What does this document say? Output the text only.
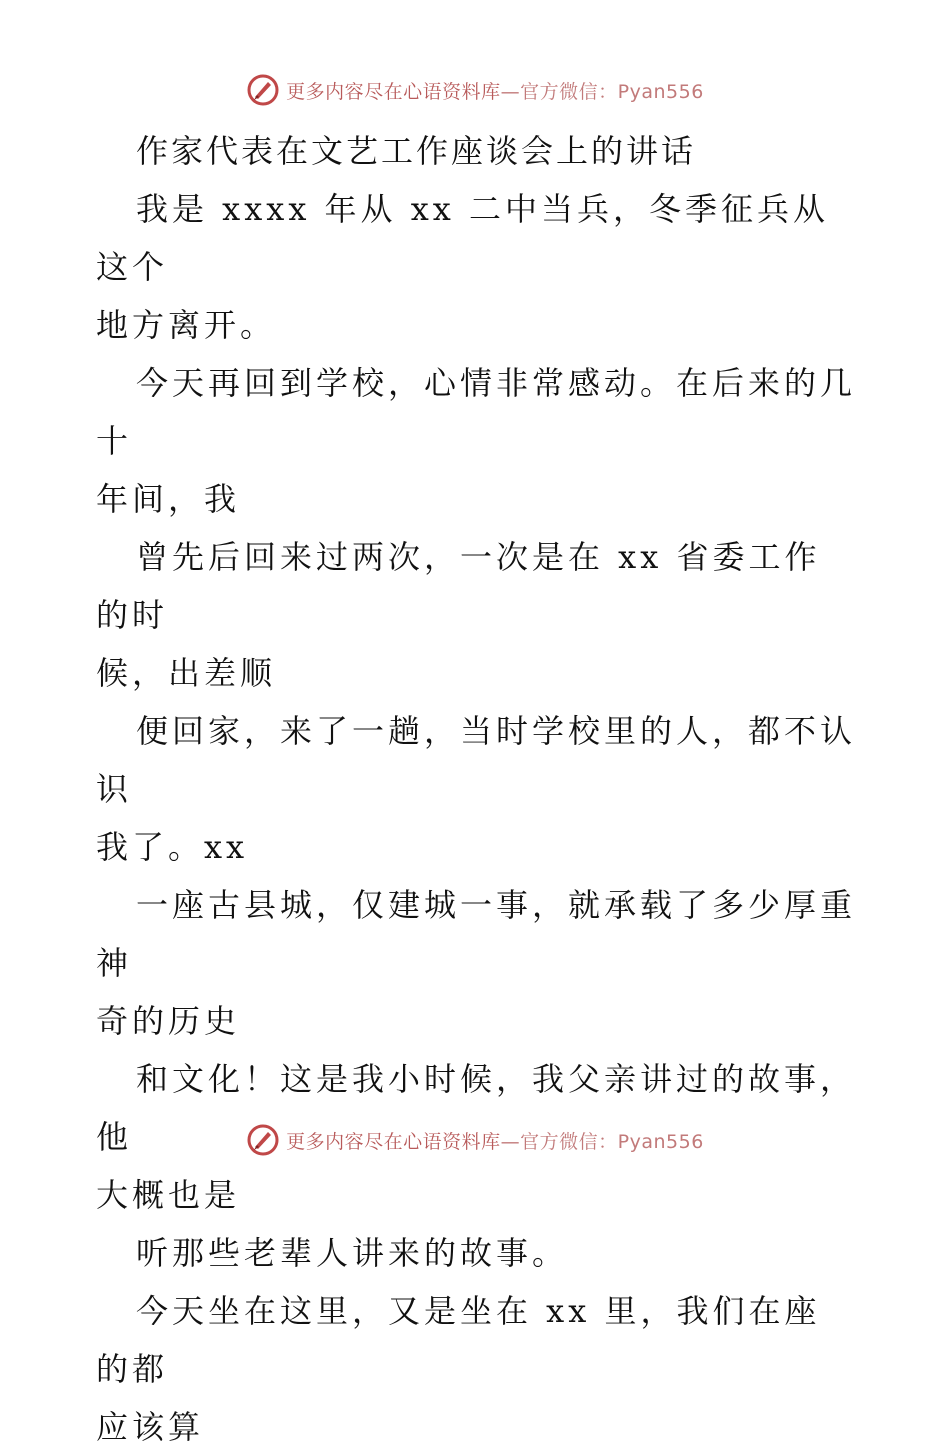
更多内容尽在心语资料库—官方微信：Pyan556

作家代表在文艺工作座谈会上的讲话

我是 xxxx 年从 xx 二中当兵，冬季征兵从这个
地方离开。

今天再回到学校，心情非常感动。在后来的几十
年间，我

曾先后回来过两次，一次是在 xx 省委工作的时
候，出差顺

便回家，来了一趟，当时学校里的人，都不认识
我了。xx

一座古县城，仅建城一事，就承载了多少厚重神
奇的历史

和文化！这是我小时候，我父亲讲过的故事，他
大概也是

听那些老辈人讲来的故事。

今天坐在这里，又是坐在 xx 里，我们在座的都
应该算

更多内容尽在心语资料库—官方微信：Pyan556
